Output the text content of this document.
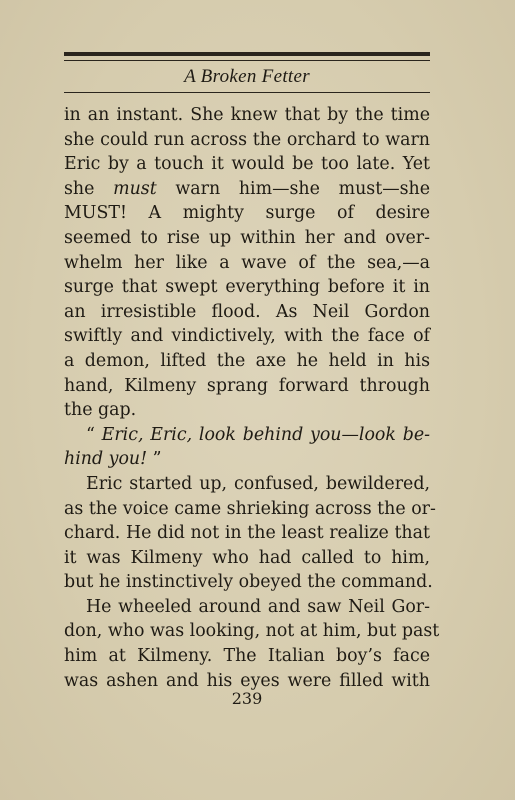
A Broken Fetter
in an instant. She knew that by the time
she could run across the orchard to warn
Eric by a touch it would be too late. Yet
she must warn him—she must—she
MUST! A mighty surge of desire
seemed to rise up within her and over-
whelm her like a wave of the sea,—a
surge that swept everything before it in
an irresistible flood. As Neil Gordon
swiftly and vindictively, with the face of
a demon, lifted the axe he held in his
hand, Kilmeny sprang forward through
the gap.
“ Eric, Eric, look behind you—look be-
hind you! ”
Eric started up, confused, bewildered,
as the voice came shrieking across the or-
chard. He did not in the least realize that
it was Kilmeny who had called to him,
but he instinctively obeyed the command.
He wheeled around and saw Neil Gor-
don, who was looking, not at him, but past
him at Kilmeny. The Italian boy’s face
was ashen and his eyes were filled with
239
